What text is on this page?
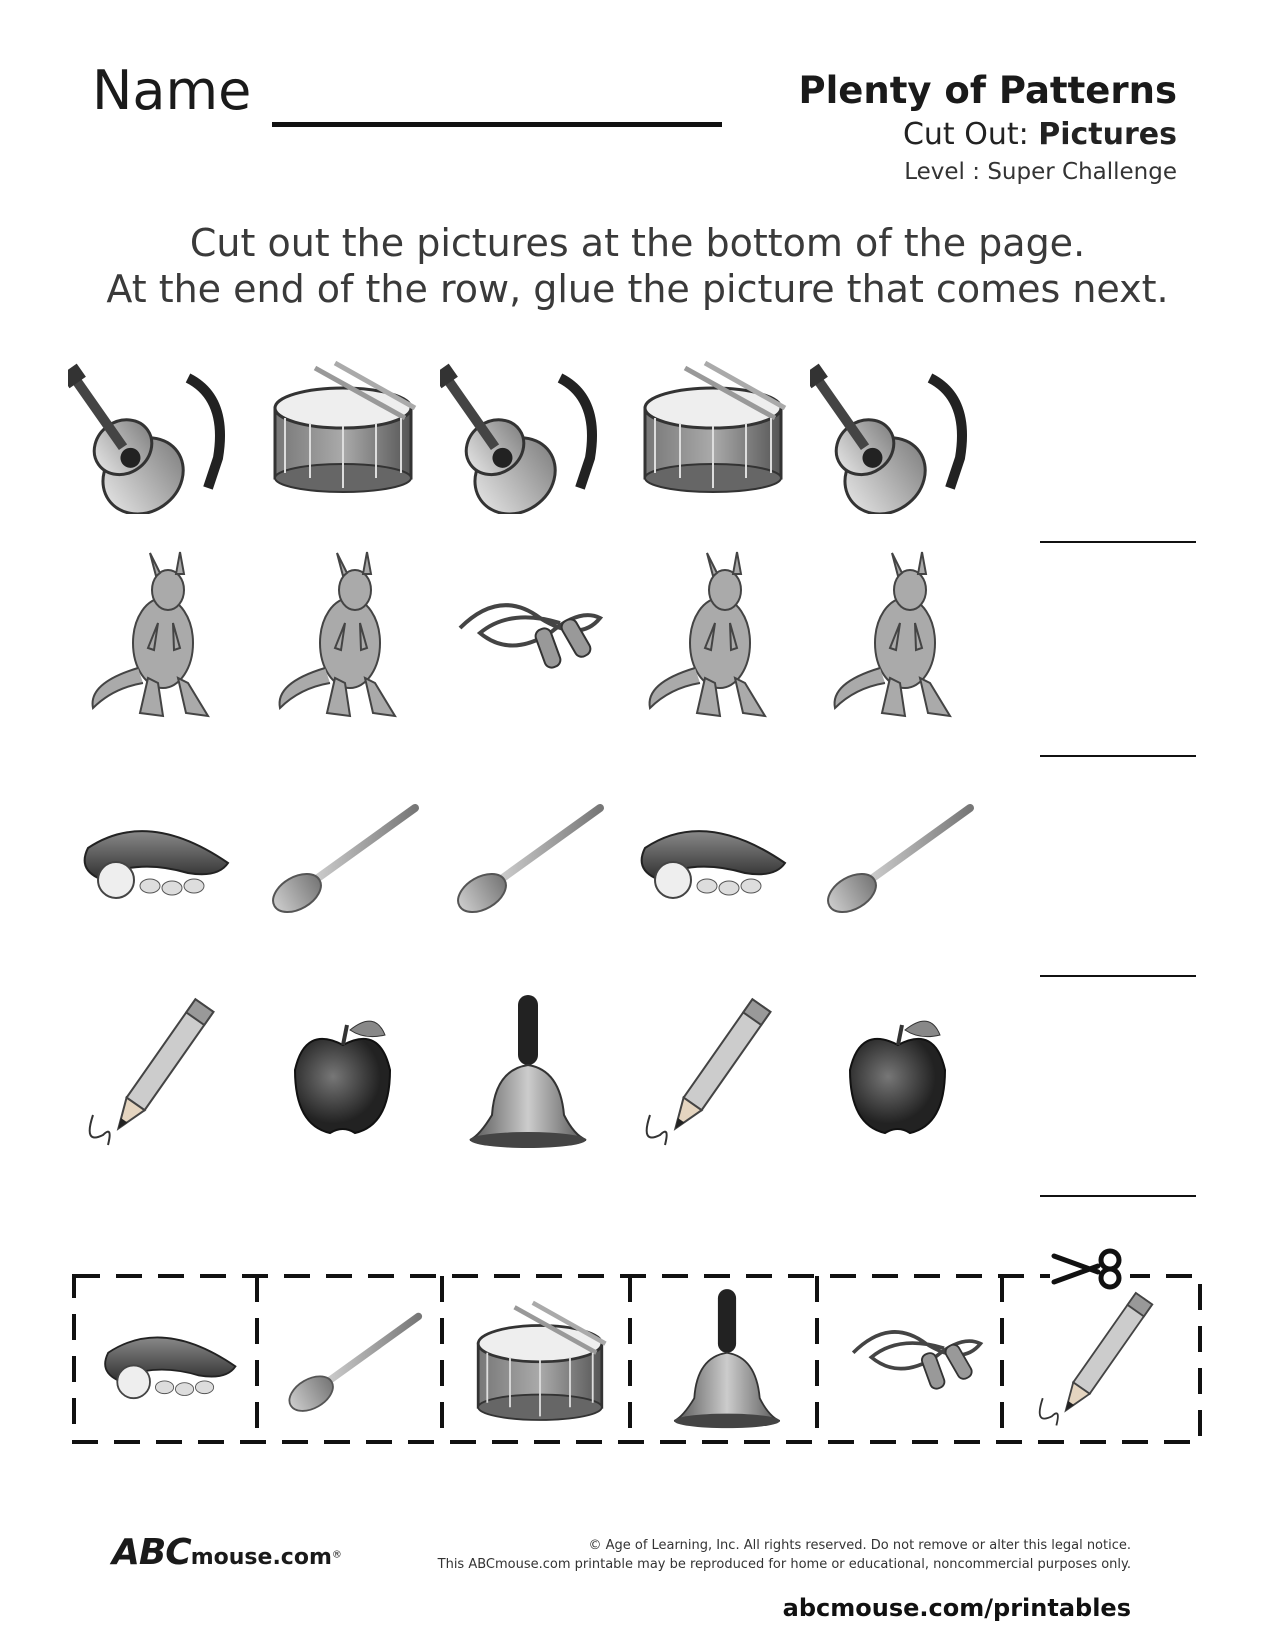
Name	Plenty of Patterns
Cut Out: Pictures
Level : Super Challenge
Cut out the pictures at the bottom of the page.
At the end of the row, glue the picture that comes next.
ABCmouse.com®
© Age of Learning, Inc. All rights reserved. Do not remove or alter this legal notice.
This ABCmouse.com printable may be reproduced for home or educational, noncommercial purposes only.
abcmouse.com/printables
